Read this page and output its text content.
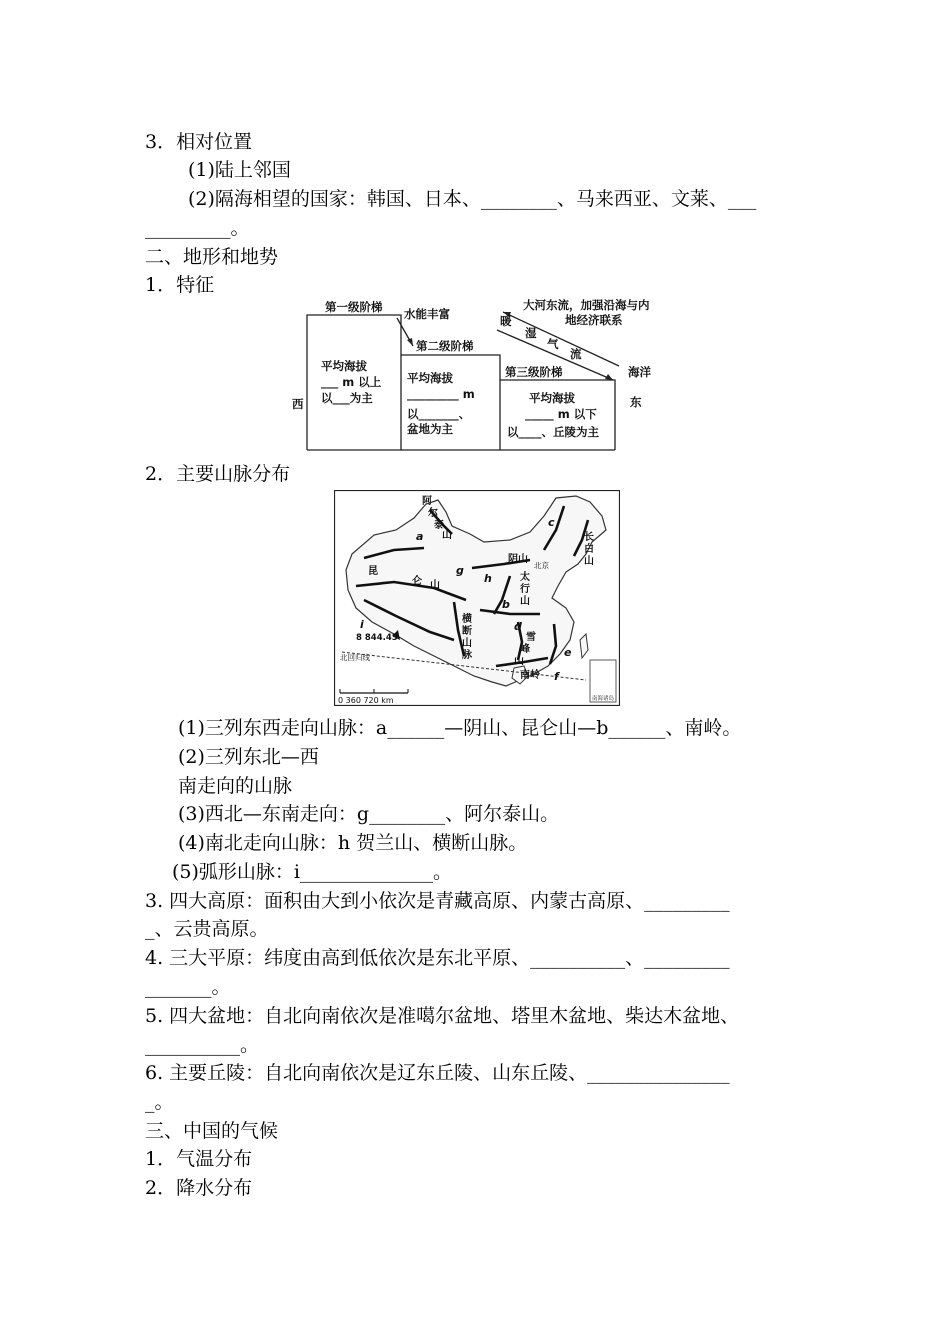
3．相对位置
(1)陆上邻国
(2)隔海相望的国家：韩国、日本、________、马来西亚、文莱、___
_________。
二、地形和地势
1．特征
第一级阶梯 水能丰富
大河东流，加强沿海与内
地经济联系
暖
湿
气
流
第二级阶梯
第三级阶梯	海洋
西	东
平均海拔
___ m 以上
以___为主
平均海拔
_________ m
以_______、
盆地为主
平均海拔
_____ m 以下
以____、丘陵为主
2．主要山脉分布
阿
尔
泰
山
昆
仑 山
阴山
太
行
山
长
白
山
横
断
山
脉
雪
峰
山
南岭
a
b
c
d
e
f
g
h
i
北京
北回归线
8 844.43
南海诸岛
0 360 720 km
(1)三列东西走向山脉：a______—阴山、昆仑山—b______、南岭。
(2)三列东北—西
南走向的山脉
(3)西北—东南走向：g________、阿尔泰山。
(4)南北走向山脉：h 贺兰山、横断山脉。
(5)弧形山脉：i______________。
3. 四大高原：面积由大到小依次是青藏高原、内蒙古高原、_________
_、云贵高原。
4. 三大平原：纬度由高到低依次是东北平原、__________、_________
_______。
5. 四大盆地：自北向南依次是准噶尔盆地、塔里木盆地、柴达木盆地、
__________。
6. 主要丘陵：自北向南依次是辽东丘陵、山东丘陵、_______________
_。
三、中国的气候
1．气温分布
2．降水分布
